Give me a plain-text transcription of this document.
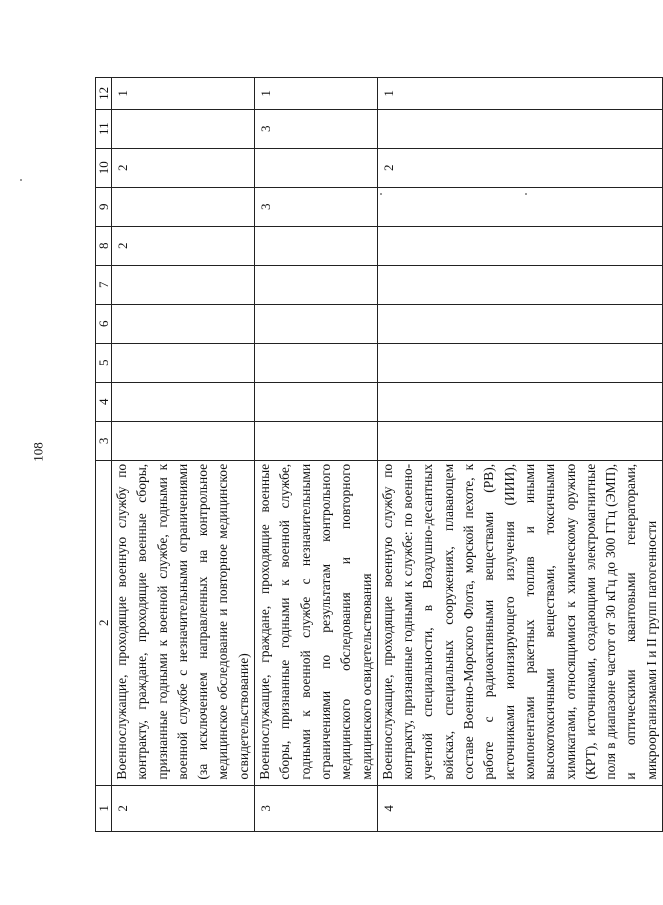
108
1	2	3	4	5	6	7	8	9	10	11	12
2	Военнослужащие, проходящие военную службу по контракту, граждане, проходящие военные сборы, признанные годными к военной службе, годными к военной службе с незначительными ограничениями (за исключением направленных на контрольное медицинское обследование и повторное медицинское освидетельствование)						2		2		1
3	Военнослужащие, граждане, проходящие военные сборы, признанные годными к военной службе, годными к военной службе с незначительными ограничениями по результатам контрольного медицинского обследования и повторного медицинского освидетельствования							3		3	1
4	Военнослужащие, проходящие военную службу по контракту, признанные годными к службе: по военно-учетной специальности, в Воздушно-десантных войсках, специальных сооружениях, плавающем составе Военно-Морского Флота, морской пехоте, к работе с радиоактивными веществами (РВ), источниками ионизирующего излучения (ИИИ), компонентами ракетных топлив и иными высокотоксичными веществами, токсичными химикатами, относящимися к химическому оружию (КРТ), источниками, создающими электромагнитные поля в диапазоне частот от 30 кГц до 300 ГГц (ЭМП), и оптическими квантовыми генераторами, микроорганизмами I и II групп патогенности								2		1
